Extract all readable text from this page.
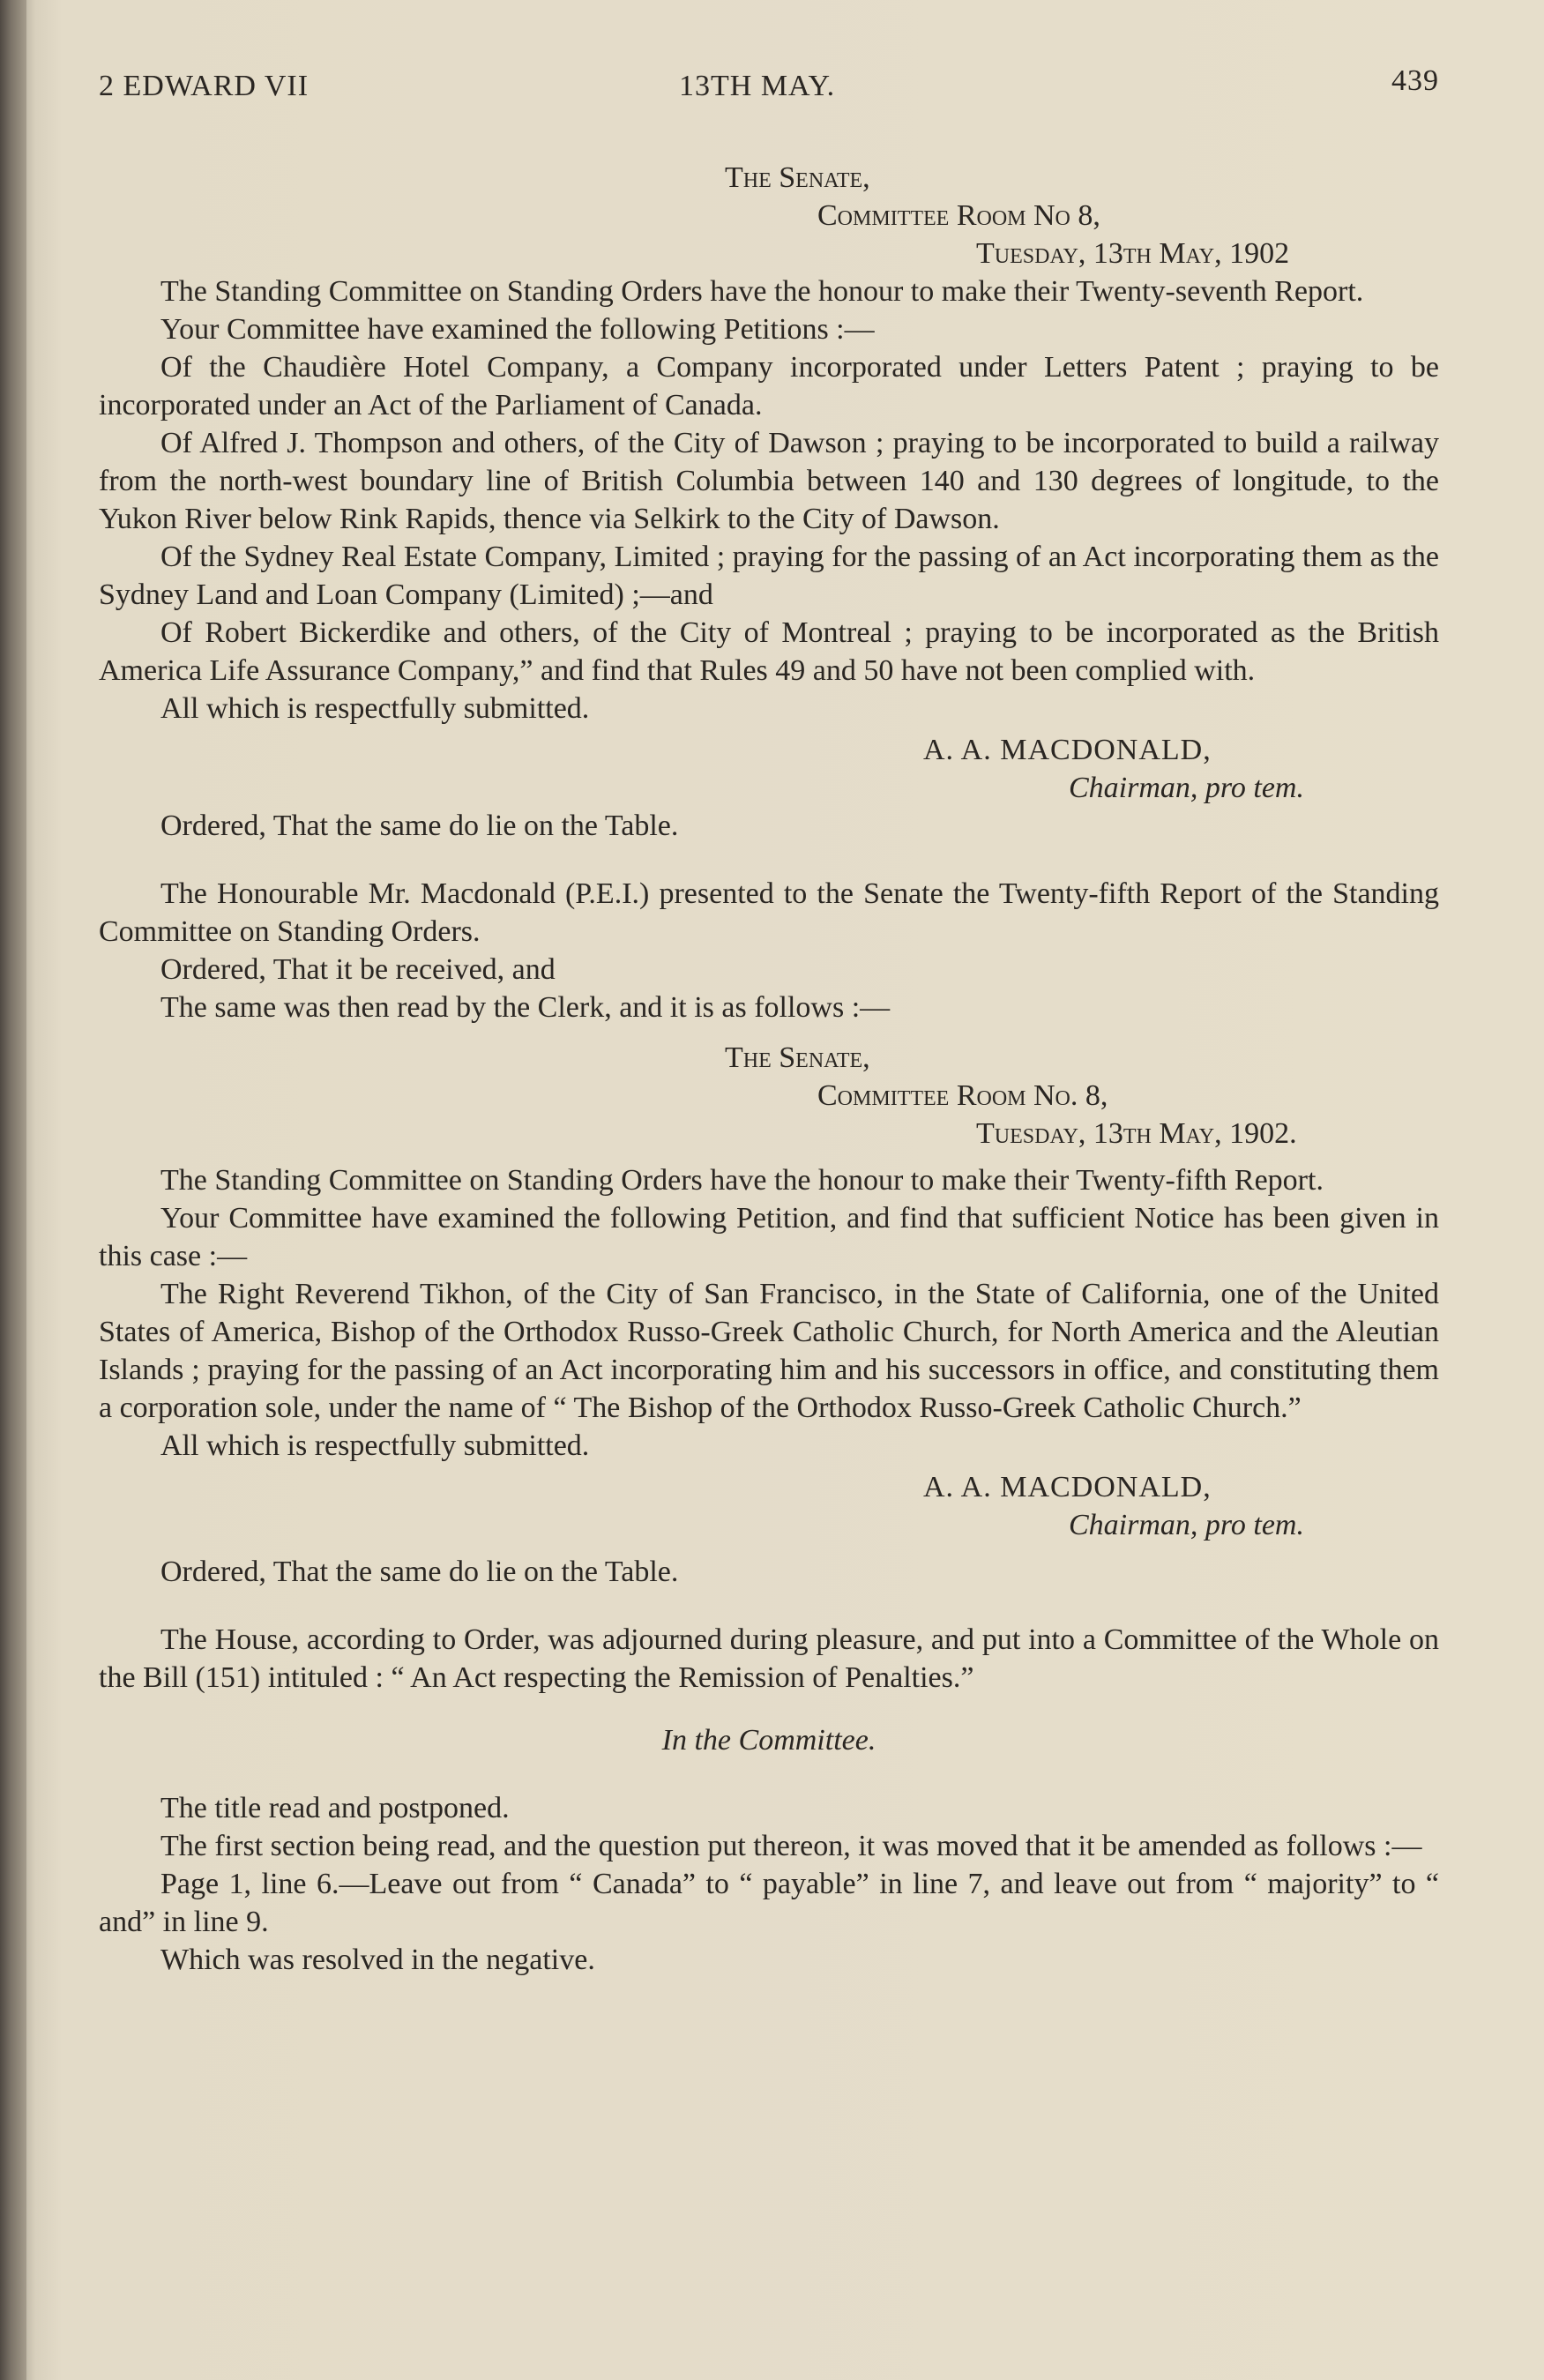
2 EDWARD VII	13TH MAY.	439
The Senate,
Committee Room No 8,
Tuesday, 13th May, 1902

The Standing Committee on Standing Orders have the honour to make their Twenty-seventh Report.

Your Committee have examined the following Petitions :—

Of the Chaudière Hotel Company, a Company incorporated under Letters Patent ; praying to be incorporated under an Act of the Parliament of Canada.

Of Alfred J. Thompson and others, of the City of Dawson ; praying to be incorporated to build a railway from the north-west boundary line of British Columbia between 140 and 130 degrees of longitude, to the Yukon River below Rink Rapids, thence via Selkirk to the City of Dawson.

Of the Sydney Real Estate Company, Limited ; praying for the passing of an Act incorporating them as the Sydney Land and Loan Company (Limited) ;—and

Of Robert Bickerdike and others, of the City of Montreal ; praying to be incorporated as the British America Life Assurance Company,” and find that Rules 49 and 50 have not been complied with.

All which is respectfully submitted.

A. A. MACDONALD,
Chairman, pro tem.

Ordered, That the same do lie on the Table.

The Honourable Mr. Macdonald (P.E.I.) presented to the Senate the Twenty-fifth Report of the Standing Committee on Standing Orders.

Ordered, That it be received, and

The same was then read by the Clerk, and it is as follows :—

The Senate,
Committee Room No. 8,
Tuesday, 13th May, 1902.

The Standing Committee on Standing Orders have the honour to make their Twenty-fifth Report.

Your Committee have examined the following Petition, and find that sufficient Notice has been given in this case :—

The Right Reverend Tikhon, of the City of San Francisco, in the State of California, one of the United States of America, Bishop of the Orthodox Russo-Greek Catholic Church, for North America and the Aleutian Islands ; praying for the passing of an Act incorporating him and his successors in office, and constituting them a corporation sole, under the name of “ The Bishop of the Orthodox Russo-Greek Catholic Church.”

All which is respectfully submitted.

A. A. MACDONALD,
Chairman, pro tem.

Ordered, That the same do lie on the Table.

The House, according to Order, was adjourned during pleasure, and put into a Committee of the Whole on the Bill (151) intituled : “ An Act respecting the Remission of Penalties.”

In the Committee.

The title read and postponed.

The first section being read, and the question put thereon, it was moved that it be amended as follows :—

Page 1, line 6.—Leave out from “ Canada” to “ payable” in line 7, and leave out from “ majority” to “ and” in line 9.

Which was resolved in the negative.
